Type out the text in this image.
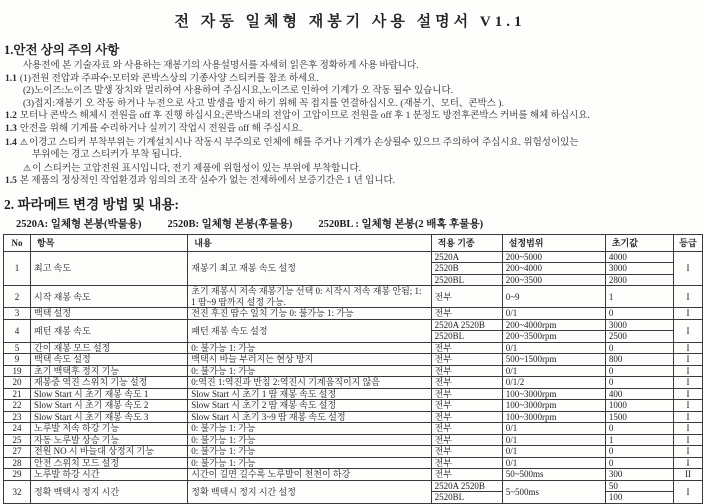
전 자동 일체형 재봉기 사용 설명서 V1.1
1.안전 상의 주의 사항
사용전에 본 기술자료 와 사용하는 재봉기의 사용설명서를 자세히 읽은후 정확하게 사용 바랍니다.
1.1 (1)전원 전압과 주파수:모터와 콘박스상의 기종사양 스티커를 참조 하세요.
(2)노이즈:노이즈 발생 장치와 멀리하여 사용하여 주십시요,노이즈로 인하여 기계가 오 작동 될수 있습니다.
(3)접지:재봉기 오 작동 하거나 누전으로 사고 발생을 방지 하기 위해 꼭 접지를 연결하십시오. (재봉기、모터、콘박스 ).
1.2 모터나 콘박스 해체시 전원을 off 후 진행 하십시요;콘박스내의 전압이 고압이므로 전원을 off 후 1 분정도 방전후콘박스 커버를 해체 하십시요.
1.3 안전을 위해 기계를 수리하거나 실끼기 작업시 전원을 off 해 주십시요.
1.4 ⚠이경고 스티커 부착부위는 기계설치시나 작동시 부주의로 인체에 해를 주거나 기계가 손상될수 있으므 주의하여 주십시요. 위험성이있는
부위에는 경고 스티커가 부착 됩니다.
⚠이 스티커는 고압전원 표시입니다, 전기 제품에 위험성이 있는 부위에 부착합니다.
1.5 본 제품의 정상적인 작업환경과 임의의 조작 실수가 없는 전제하에서 보증기간은 1 년 입니다.
2. 파라메트 변경 방법 및 내용:
2520A: 일체형 본봉(박물용) 2520B: 일체형 본봉(후물용) 2520BL : 일체형 본봉(2 배혹 후물용)
No	항목	내용	적용 기종	설정범위	초기값	등급
1	최고 속도	재봉기 최고 재봉 속도 설정	2520A	200~5000	4000	I
			2520B	200~4000	3000	
			2520BL	200~3500	2800	
2	시작 재봉 속도	초기 재봉시 저속 재봉기능 선택 0: 시작시 저속 재봉 안됨; 1: 1 땀~9 땀까지 설정 가능.	전부	0~9	1	I
3	백택 설정	전진 후진 땀수 일치 기능 0: 불가능 1: 가능	전부	0/1	0	I
4	패턴 재봉 속도	패턴 재봉 속도 설정	2520A 2520B	200~4000rpm	3000	I
			2520BL	200~3500rpm	2500	
5	간이 재봉 모드 설정	0: 불가능 1: 가능	전부	0/1	0	I
9	백택 속도 설정	백택시 바늘 부러지는 현상 방지	전부	500~1500rpm	800	I
19	초기 백택후 정지 기능	0: 불가능 1: 가능	전부	0/1	0	I
20	재봉중 역진 스위치 기능 설정	0:역진 1:역진과 반침 2:역진시 기계움직이지 않음	전부	0/1/2	0	I
21	Slow Start 시 초기 재봉 속도 1	Slow Start 시 초기 1 땀 재봉 속도 설정	전부	100~3000rpm	400	I
22	Slow Start 시 초기 재봉 속도 2	Slow Start 시 초기 2 땀 재봉 속도 설정	전부	100~3000rpm	1000	I
23	Slow Start 시 초기 재봉 속도 3	Slow Start 시 초기 3~9 땀 재봉 속도 설정	전부	100~3000rpm	1500	I
24	노루발 저속 하강 기능	0: 불가능 1: 가능	전부	0/1	0	I
25	자동 노루발 상승 기능	0: 불가능 1: 가능	전부	0/1	1	I
27	전원 NO 시 바늘대 상정지 기능	0: 불가능 1: 가능	전부	0/1	0	I
28	안전 스위치 모드 설정	0: 불가능 1: 가능	전부	0/1	0	I
29	노루발 하강 시간	시간이 길면 길수록 노루발이 천천이 하강	전부	50~500ms	300	II
32	정확 백택시 정지 시간	정확 백택시 정지 시간 설정	2520A 2520B	5~500ms	50	I
			2520BL		100	
